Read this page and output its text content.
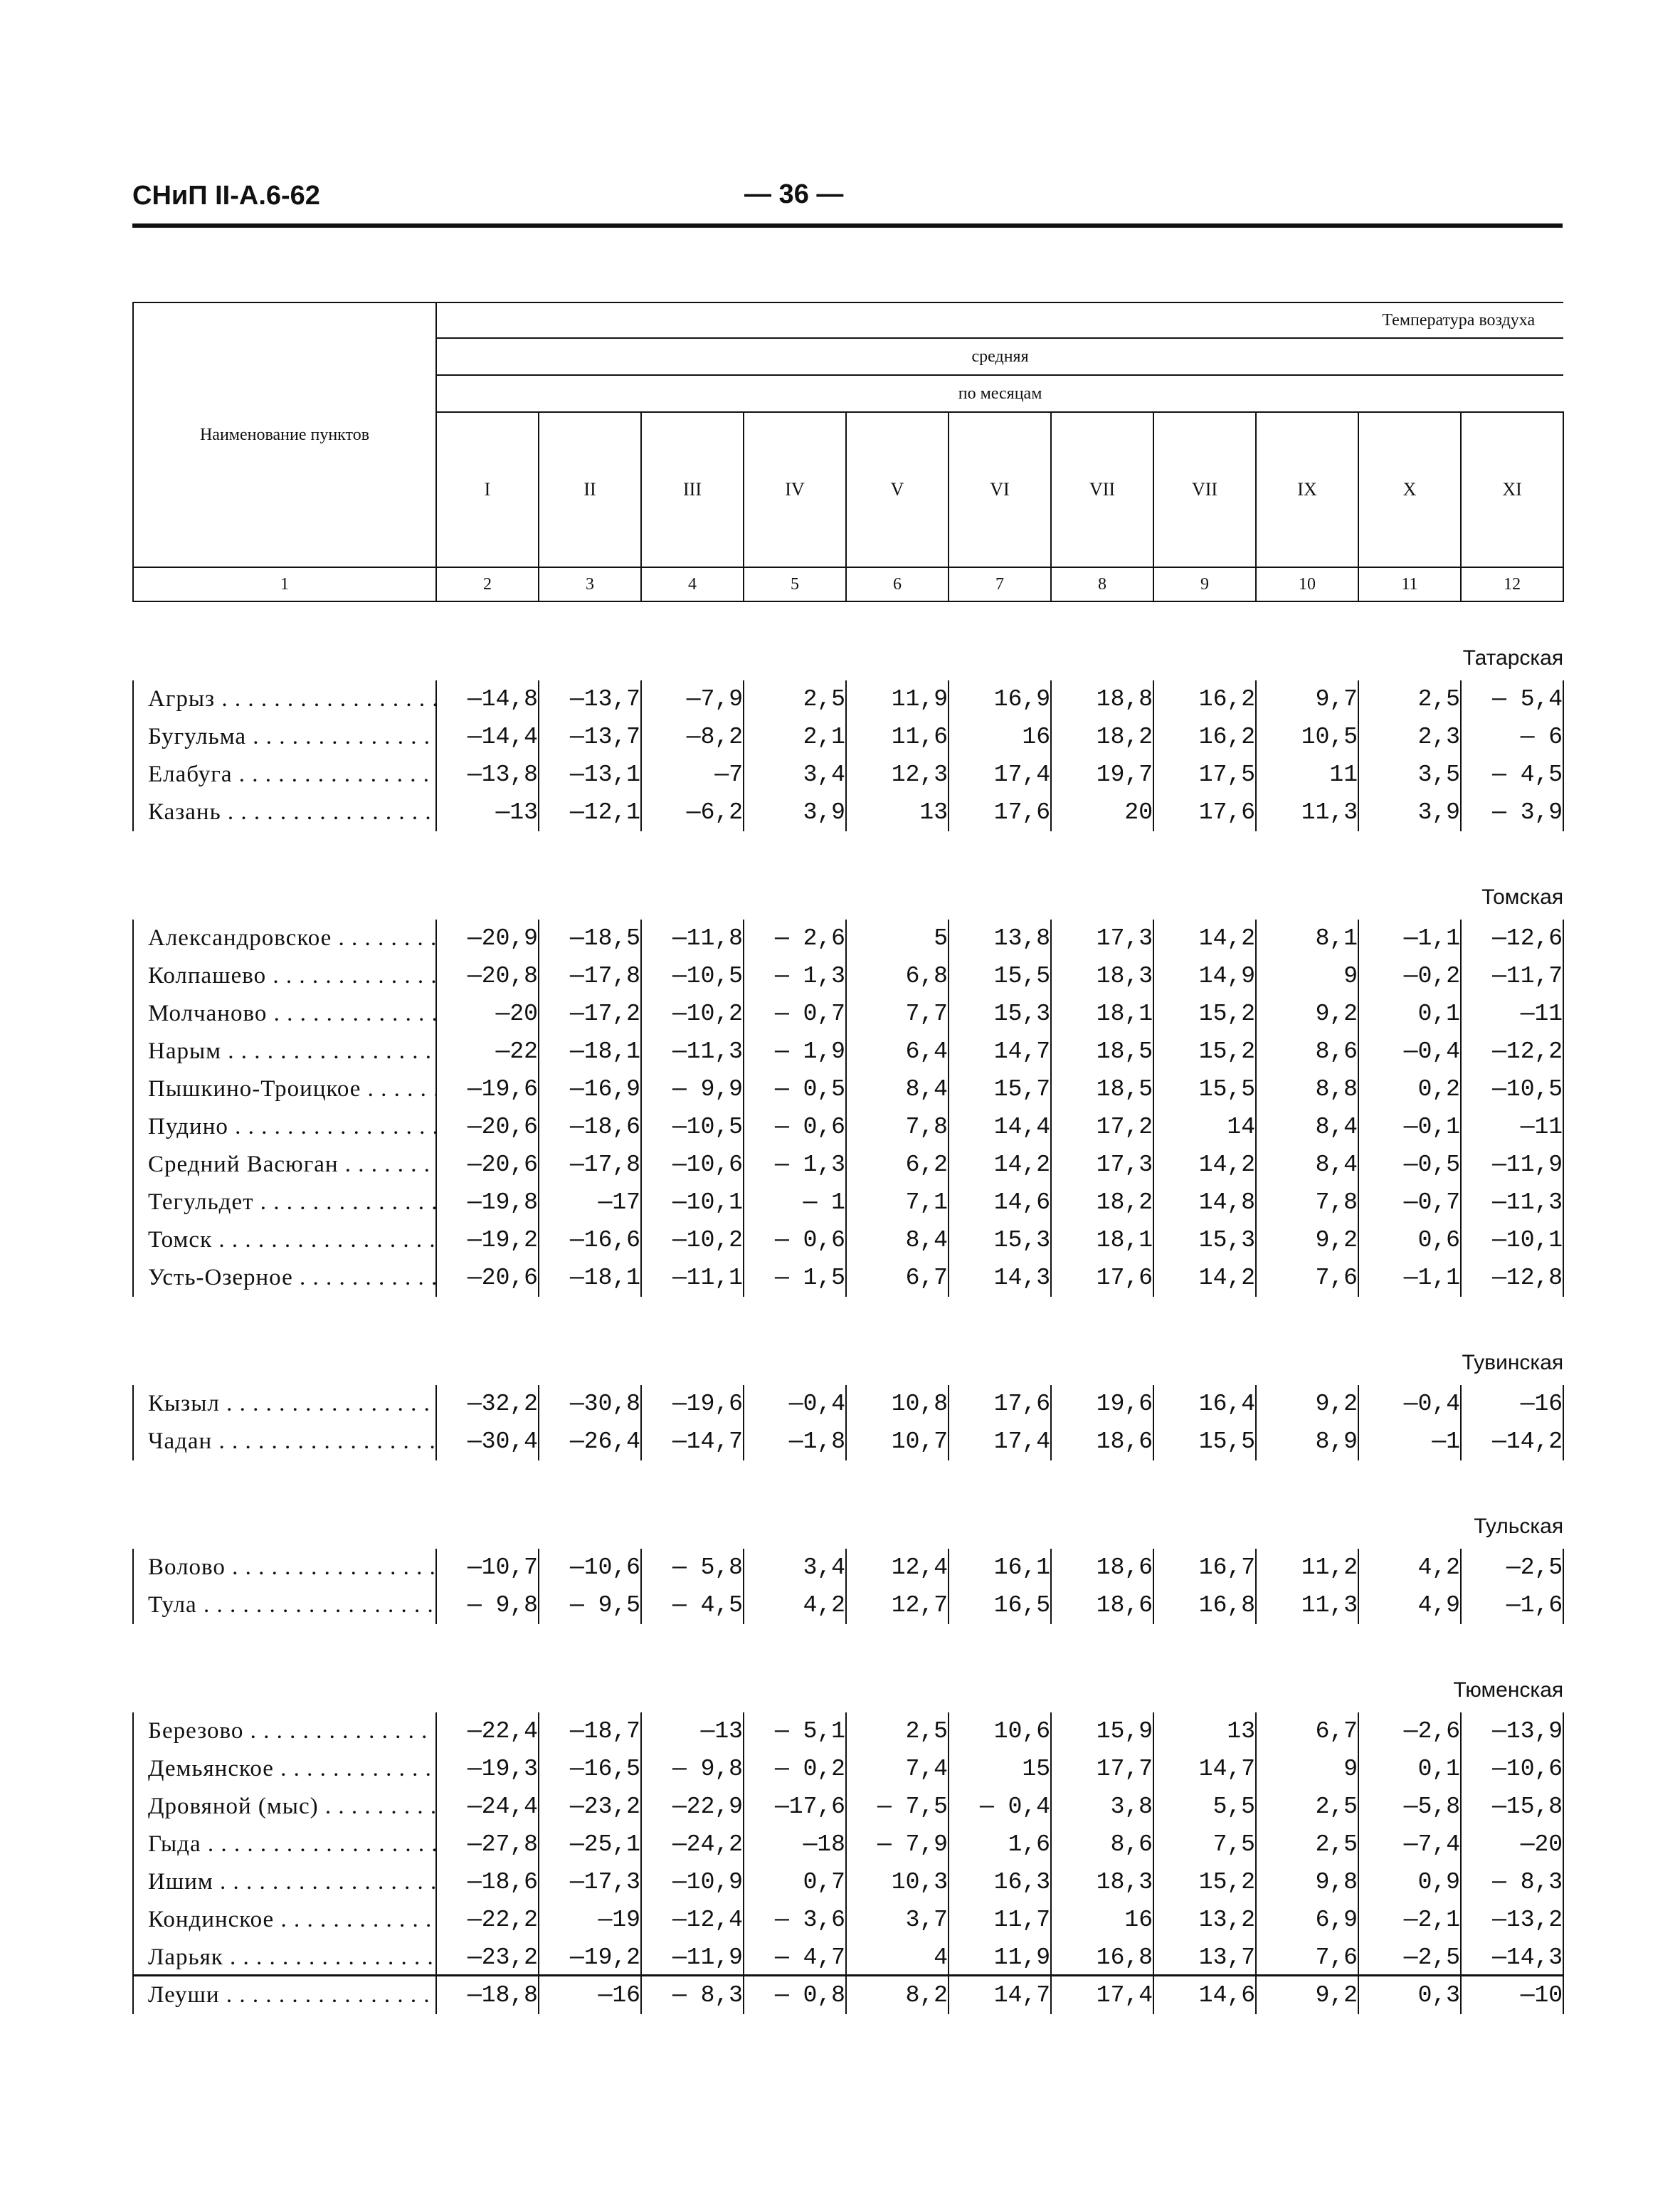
СНиП II-А.6-62	— 36 —
Наименование пунктов	Температура воздуха										
	средняя										
	по месяцам										
	I	II	III	IV	V	VI	VII	VII	IX	X	XI
1	2	3	4	5	6	7	8	9	10	11	12
Татарская											

Агрыз . . .	—14,8	—13,7	—7,9	2,5	11,9	16,9	18,8	16,2	9,7	2,5	— 5,4
Бугульма . . .	—14,4	—13,7	—8,2	2,1	11,6	16	18,2	16,2	10,5	2,3	— 6
Елабуга . . .	—13,8	—13,1	—7	3,4	12,3	17,4	19,7	17,5	11	3,5	— 4,5
Казань . . .	—13	—12,1	—6,2	3,9	13	17,6	20	17,6	11,3	3,9	— 3,9

Томская											

Александровское . . .	—20,9	—18,5	—11,8	— 2,6	5	13,8	17,3	14,2	8,1	—1,1	—12,6
Колпашево . . .	—20,8	—17,8	—10,5	— 1,3	6,8	15,5	18,3	14,9	9	—0,2	—11,7
Молчаново . . .	—20	—17,2	—10,2	— 0,7	7,7	15,3	18,1	15,2	9,2	0,1	—11
Нарым . . .	—22	—18,1	—11,3	— 1,9	6,4	14,7	18,5	15,2	8,6	—0,4	—12,2
Пышкино-Троицкое . . .	—19,6	—16,9	— 9,9	— 0,5	8,4	15,7	18,5	15,5	8,8	0,2	—10,5
Пудино . . .	—20,6	—18,6	—10,5	— 0,6	7,8	14,4	17,2	14	8,4	—0,1	—11
Средний Васюган . . .	—20,6	—17,8	—10,6	— 1,3	6,2	14,2	17,3	14,2	8,4	—0,5	—11,9
Тегульдет . . .	—19,8	—17	—10,1	— 1	7,1	14,6	18,2	14,8	7,8	—0,7	—11,3
Томск . . .	—19,2	—16,6	—10,2	— 0,6	8,4	15,3	18,1	15,3	9,2	0,6	—10,1
Усть-Озерное . . .	—20,6	—18,1	—11,1	— 1,5	6,7	14,3	17,6	14,2	7,6	—1,1	—12,8

Тувинская											

Кызыл . . .	—32,2	—30,8	—19,6	—0,4	10,8	17,6	19,6	16,4	9,2	—0,4	—16
Чадан . . .	—30,4	—26,4	—14,7	—1,8	10,7	17,4	18,6	15,5	8,9	—1	—14,2

Тульская											

Волово . . .	—10,7	—10,6	— 5,8	3,4	12,4	16,1	18,6	16,7	11,2	4,2	—2,5
Тула . . .	— 9,8	— 9,5	— 4,5	4,2	12,7	16,5	18,6	16,8	11,3	4,9	—1,6

Тюменская											

Березово . . .	—22,4	—18,7	—13	— 5,1	2,5	10,6	15,9	13	6,7	—2,6	—13,9
Демьянское . . .	—19,3	—16,5	— 9,8	— 0,2	7,4	15	17,7	14,7	9	0,1	—10,6
Дровяной (мыс) . . .	—24,4	—23,2	—22,9	—17,6	— 7,5	— 0,4	3,8	5,5	2,5	—5,8	—15,8
Гыда . . .	—27,8	—25,1	—24,2	—18	— 7,9	1,6	8,6	7,5	2,5	—7,4	—20
Ишим . . .	—18,6	—17,3	—10,9	0,7	10,3	16,3	18,3	15,2	9,8	0,9	— 8,3
Кондинское . . .	—22,2	—19	—12,4	— 3,6	3,7	11,7	16	13,2	6,9	—2,1	—13,2
Ларьяк . . .	—23,2	—19,2	—11,9	— 4,7	4	11,9	16,8	13,7	7,6	—2,5	—14,3
Леуши . . .	—18,8	—16	— 8,3	— 0,8	8,2	14,7	17,4	14,6	9,2	0,3	—10
